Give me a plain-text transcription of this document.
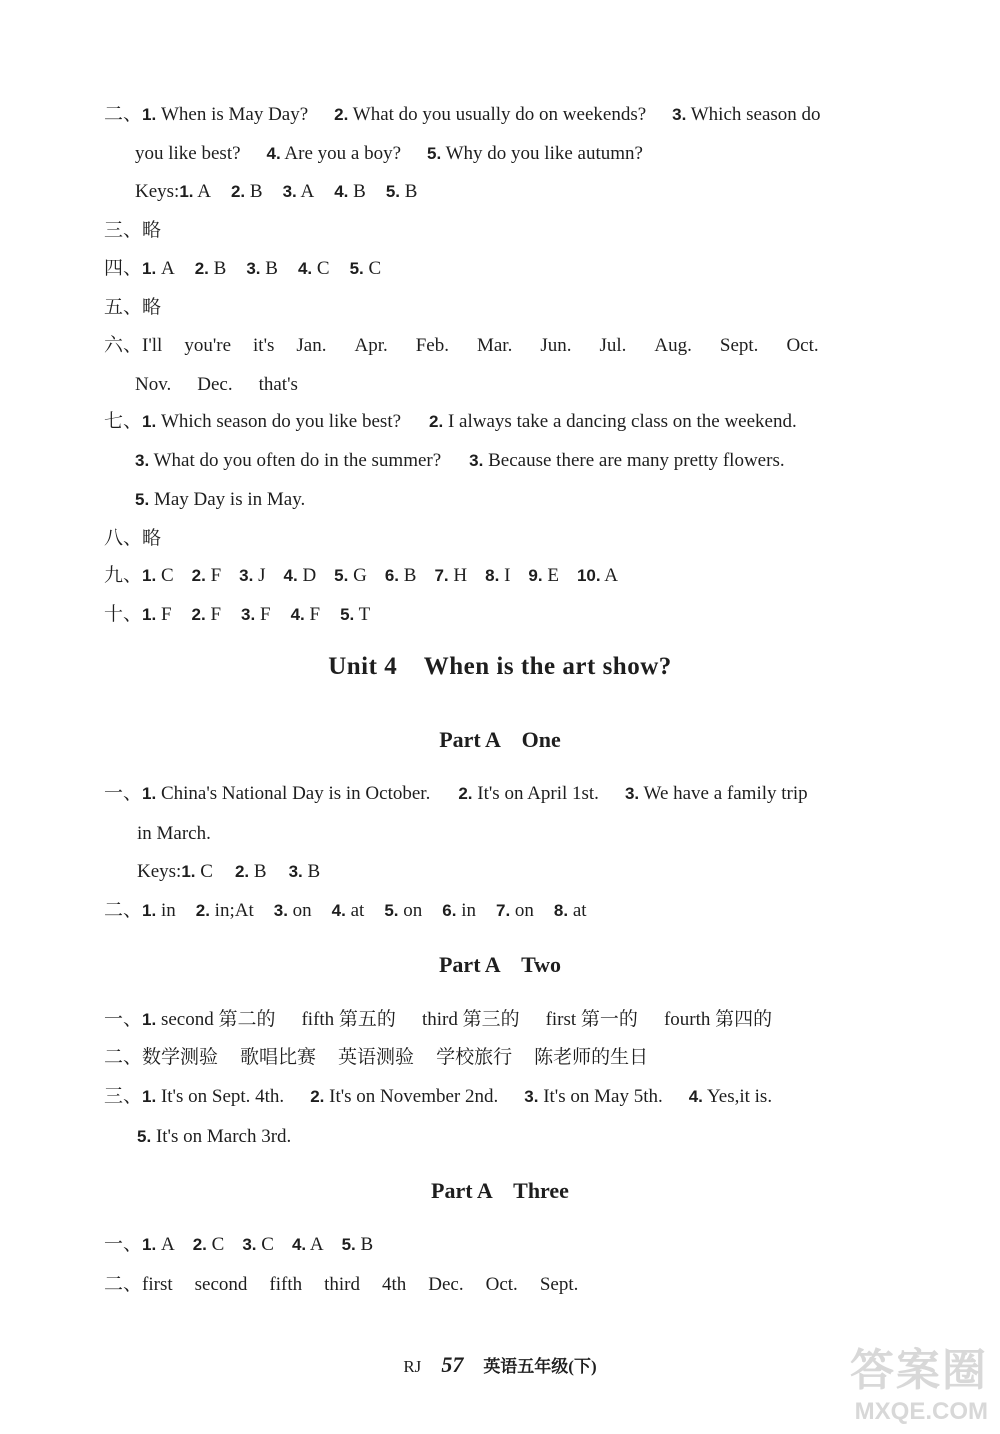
二、1. When is May Day? 2. What do you usually do on weekends? 3. Which season do
you like best? 4. Are you a boy? 5. Why do you like autumn?
Keys:1. A 2. B 3. A 4. B 5. B
三、略
四、1. A 2. B 3. B 4. C 5. C
五、略
六、I'll you're it's Jan. Apr. Feb. Mar. Jun. Jul. Aug. Sept. Oct.
Nov. Dec. that's
七、1. Which season do you like best? 2. I always take a dancing class on the weekend.
3. What do you often do in the summer? 3. Because there are many pretty flowers.
5. May Day is in May.
八、略
九、1. C 2. F 3. J 4. D 5. G 6. B 7. H 8. I 9. E 10. A
十、1. F 2. F 3. F 4. F 5. T
Unit 4    When is the art show?
Part A    One
一、1. China's National Day is in October. 2. It's on April 1st. 3. We have a family trip
in March.
Keys:1. C 2. B 3. B
二、1. in 2. in;At 3. on 4. at 5. on 6. in 7. on 8. at
Part A    Two
一、1. second 第二的 fifth 第五的 third 第三的 first 第一的 fourth 第四的
二、数学测验 歌唱比赛 英语测验 学校旅行 陈老师的生日
三、1. It's on Sept. 4th. 2. It's on November 2nd. 3. It's on May 5th. 4. Yes,it is.
5. It's on March 3rd.
Part A    Three
一、1. A 2. C 3. C 4. A 5. B
二、first second fifth third 4th Dec. Oct. Sept.
RJ 57 英语五年级(下)	答案圈
MXQE.COM
